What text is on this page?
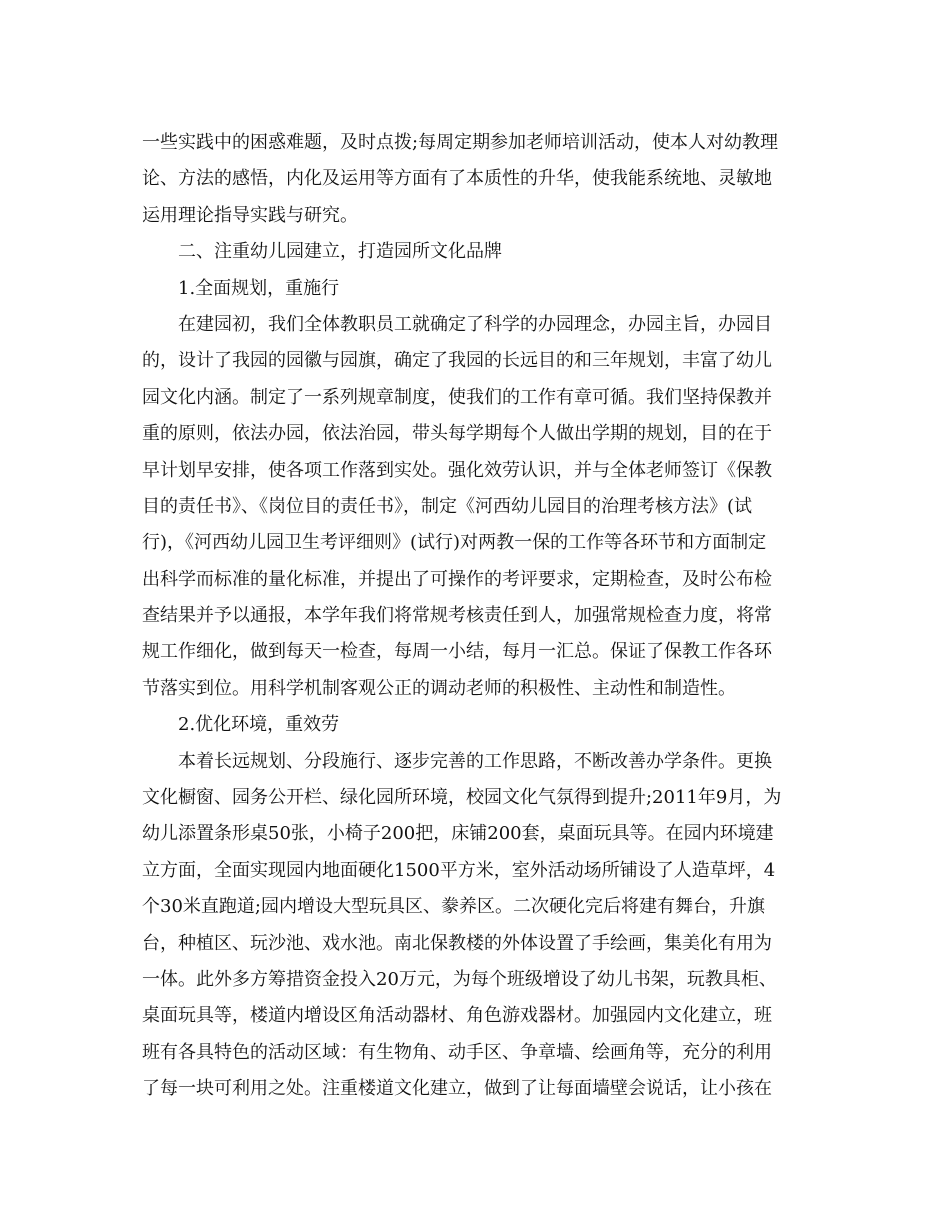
一些实践中的困惑难题，及时点拨;每周定期参加老师培训活动，使本人对幼教理
论、方法的感悟，内化及运用等方面有了本质性的升华，使我能系统地、灵敏地
运用理论指导实践与研究。
二、注重幼儿园建立，打造园所文化品牌
1.全面规划，重施行
在建园初，我们全体教职员工就确定了科学的办园理念，办园主旨，办园目
的，设计了我园的园徽与园旗，确定了我园的长远目的和三年规划，丰富了幼儿
园文化内涵。制定了一系列规章制度，使我们的工作有章可循。我们坚持保教并
重的原则，依法办园，依法治园，带头每学期每个人做出学期的规划，目的在于
早计划早安排，使各项工作落到实处。强化效劳认识，并与全体老师签订《保教
目的责任书》、《岗位目的责任书》，制定《河西幼儿园目的治理考核方法》(试
行)，《河西幼儿园卫生考评细则》(试行)对两教一保的工作等各环节和方面制定
出科学而标准的量化标准，并提出了可操作的考评要求，定期检查，及时公布检
查结果并予以通报，本学年我们将常规考核责任到人，加强常规检查力度，将常
规工作细化，做到每天一检查，每周一小结，每月一汇总。保证了保教工作各环
节落实到位。用科学机制客观公正的调动老师的积极性、主动性和制造性。
2.优化环境，重效劳
本着长远规划、分段施行、逐步完善的工作思路，不断改善办学条件。更换
文化橱窗、园务公开栏、绿化园所环境，校园文化气氛得到提升;2011年9月，为
幼儿添置条形桌50张，小椅子200把，床铺200套，桌面玩具等。在园内环境建
立方面，全面实现园内地面硬化1500平方米，室外活动场所铺设了人造草坪，4
个30米直跑道;园内增设大型玩具区、豢养区。二次硬化完后将建有舞台，升旗
台，种植区、玩沙池、戏水池。南北保教楼的外体设置了手绘画，集美化有用为
一体。此外多方筹措资金投入20万元，为每个班级增设了幼儿书架，玩教具柜、
桌面玩具等，楼道内增设区角活动器材、角色游戏器材。加强园内文化建立，班
班有各具特色的活动区域：有生物角、动手区、争章墙、绘画角等，充分的利用
了每一块可利用之处。注重楼道文化建立，做到了让每面墙壁会说话，让小孩在
